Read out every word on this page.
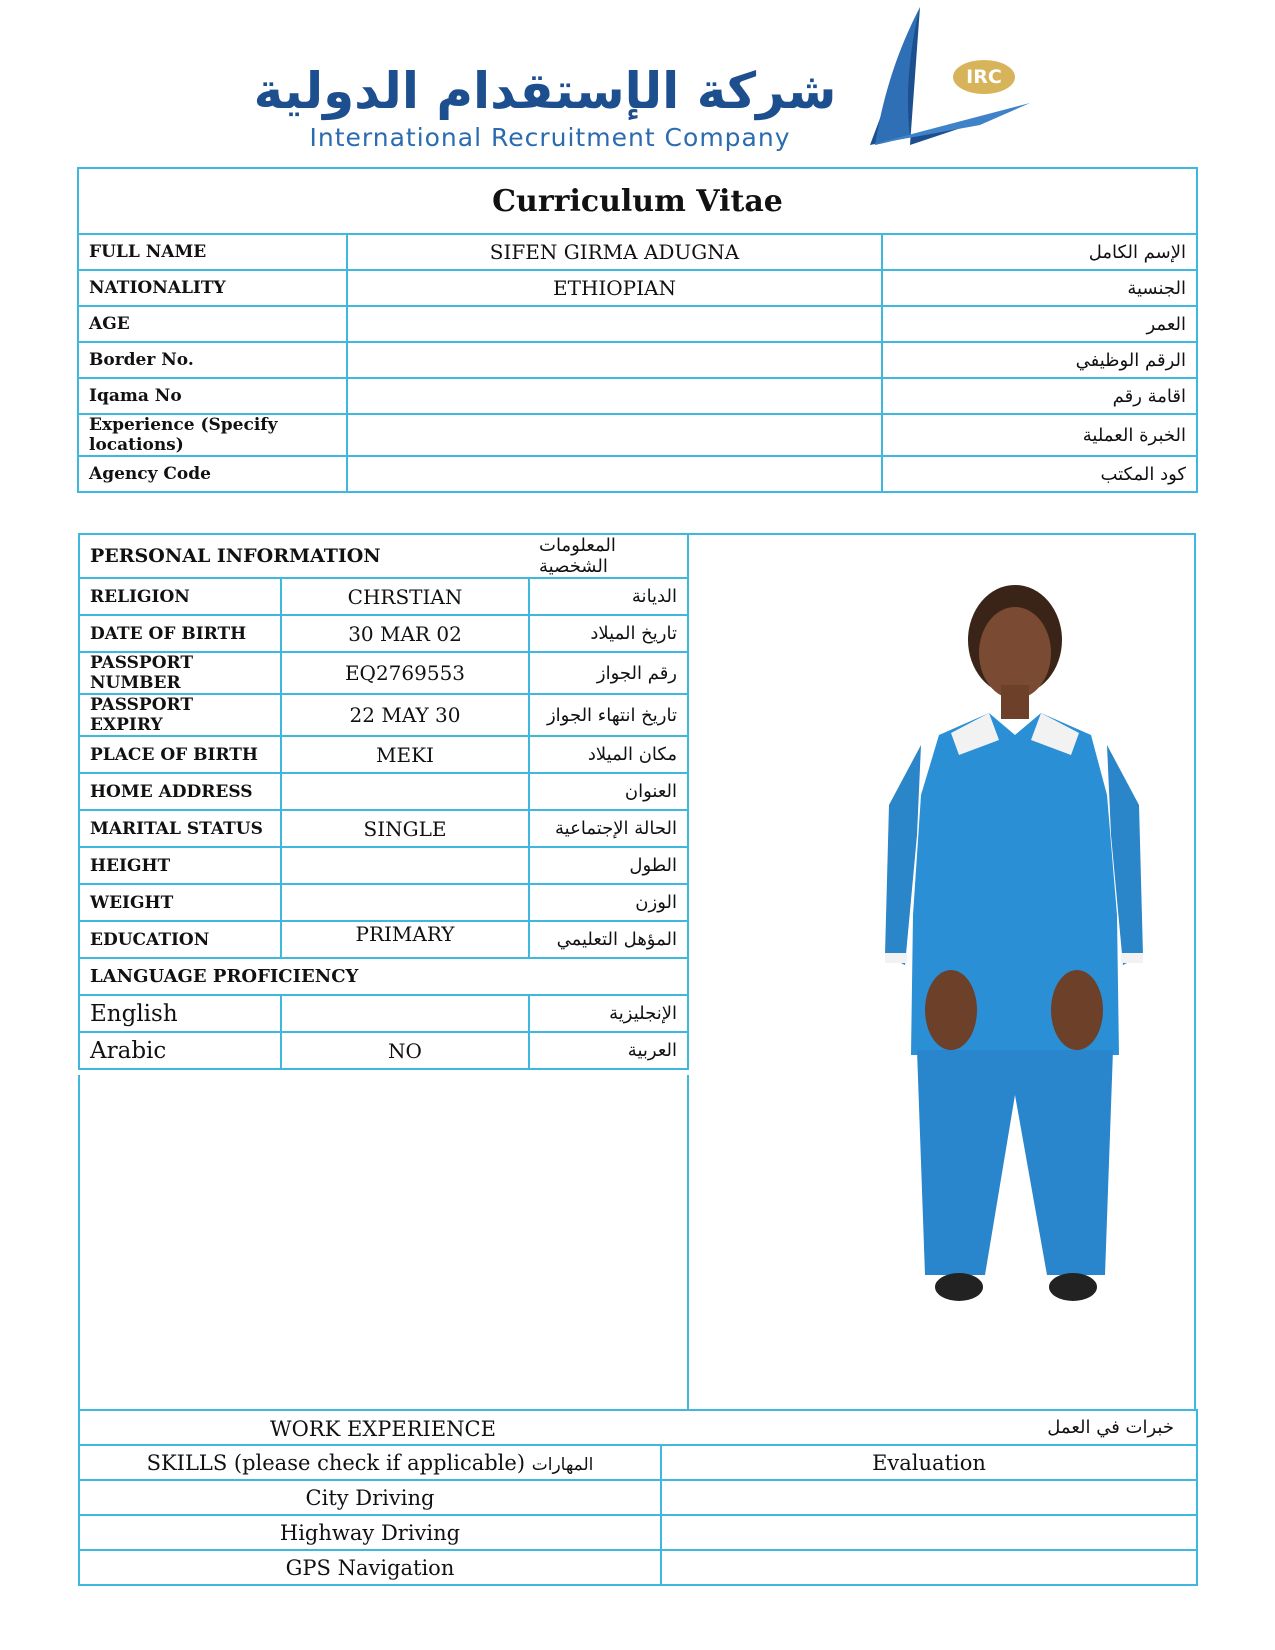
شركة الإستقدام الدولية
International Recruitment Company
IRC
Curriculum Vitae		
FULL NAME	SIFEN GIRMA ADUGNA	الإسم الكامل
NATIONALITY	ETHIOPIAN	الجنسية
AGE		العمر
Border No.		الرقم الوظيفي
Iqama No		اقامة رقم
Experience (Specify locations)		الخبرة العملية
Agency Code		كود المكتب
PERSONAL INFORMATION		المعلومات الشخصية
RELIGION	CHRSTIAN	الديانة
DATE OF BIRTH	30 MAR 02	تاريخ الميلاد
PASSPORT NUMBER	EQ2769553	رقم الجواز
PASSPORT EXPIRY	22 MAY 30	تاريخ انتهاء الجواز
PLACE OF BIRTH	MEKI	مكان الميلاد
HOME ADDRESS		العنوان
MARITAL STATUS	SINGLE	الحالة الإجتماعية
HEIGHT		الطول
WEIGHT		الوزن
EDUCATION	PRIMARY	المؤهل التعليمي
LANGUAGE PROFICIENCY		
English		الإنجليزية
Arabic	NO	العربية
WORK EXPERIENCE خبرات في العمل	

SKILLS (please check if applicable) المهارات	Evaluation
City Driving	
Highway Driving	
GPS Navigation	
